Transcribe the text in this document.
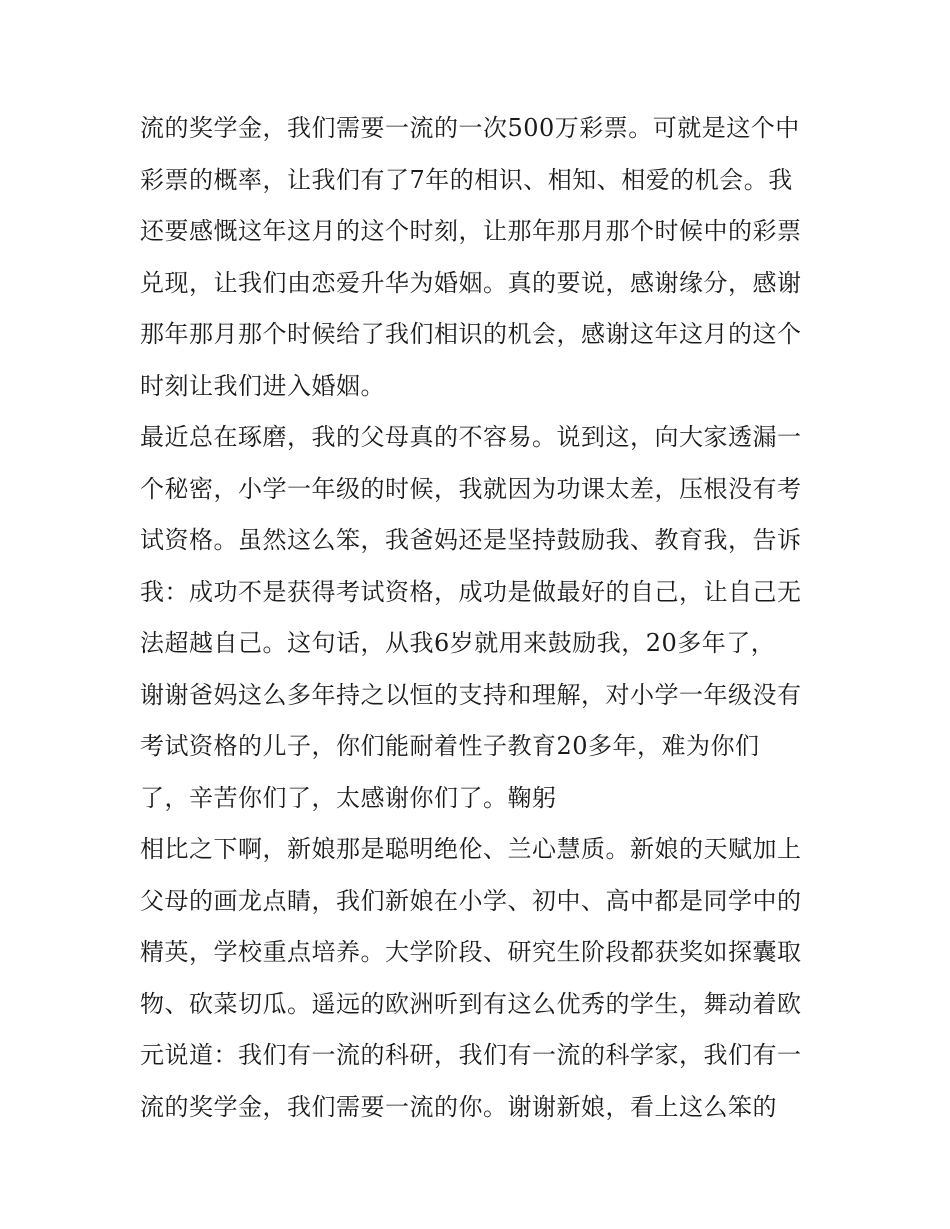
流的奖学金，我们需要一流的一次500万彩票。可就是这个中
彩票的概率，让我们有了7年的相识、相知、相爱的机会。我
还要感慨这年这月的这个时刻，让那年那月那个时候中的彩票
兑现，让我们由恋爱升华为婚姻。真的要说，感谢缘分，感谢
那年那月那个时候给了我们相识的机会，感谢这年这月的这个
时刻让我们进入婚姻。
最近总在琢磨，我的父母真的不容易。说到这，向大家透漏一
个秘密，小学一年级的时候，我就因为功课太差，压根没有考
试资格。虽然这么笨，我爸妈还是坚持鼓励我、教育我，告诉
我：成功不是获得考试资格，成功是做最好的自己，让自己无
法超越自己。这句话，从我6岁就用来鼓励我，20多年了，
谢谢爸妈这么多年持之以恒的支持和理解，对小学一年级没有
考试资格的儿子，你们能耐着性子教育20多年，难为你们
了，辛苦你们了，太感谢你们了。鞠躬
相比之下啊，新娘那是聪明绝伦、兰心慧质。新娘的天赋加上
父母的画龙点睛，我们新娘在小学、初中、高中都是同学中的
精英，学校重点培养。大学阶段、研究生阶段都获奖如探囊取
物、砍菜切瓜。遥远的欧洲听到有这么优秀的学生，舞动着欧
元说道：我们有一流的科研，我们有一流的科学家，我们有一
流的奖学金，我们需要一流的你。谢谢新娘，看上这么笨的
